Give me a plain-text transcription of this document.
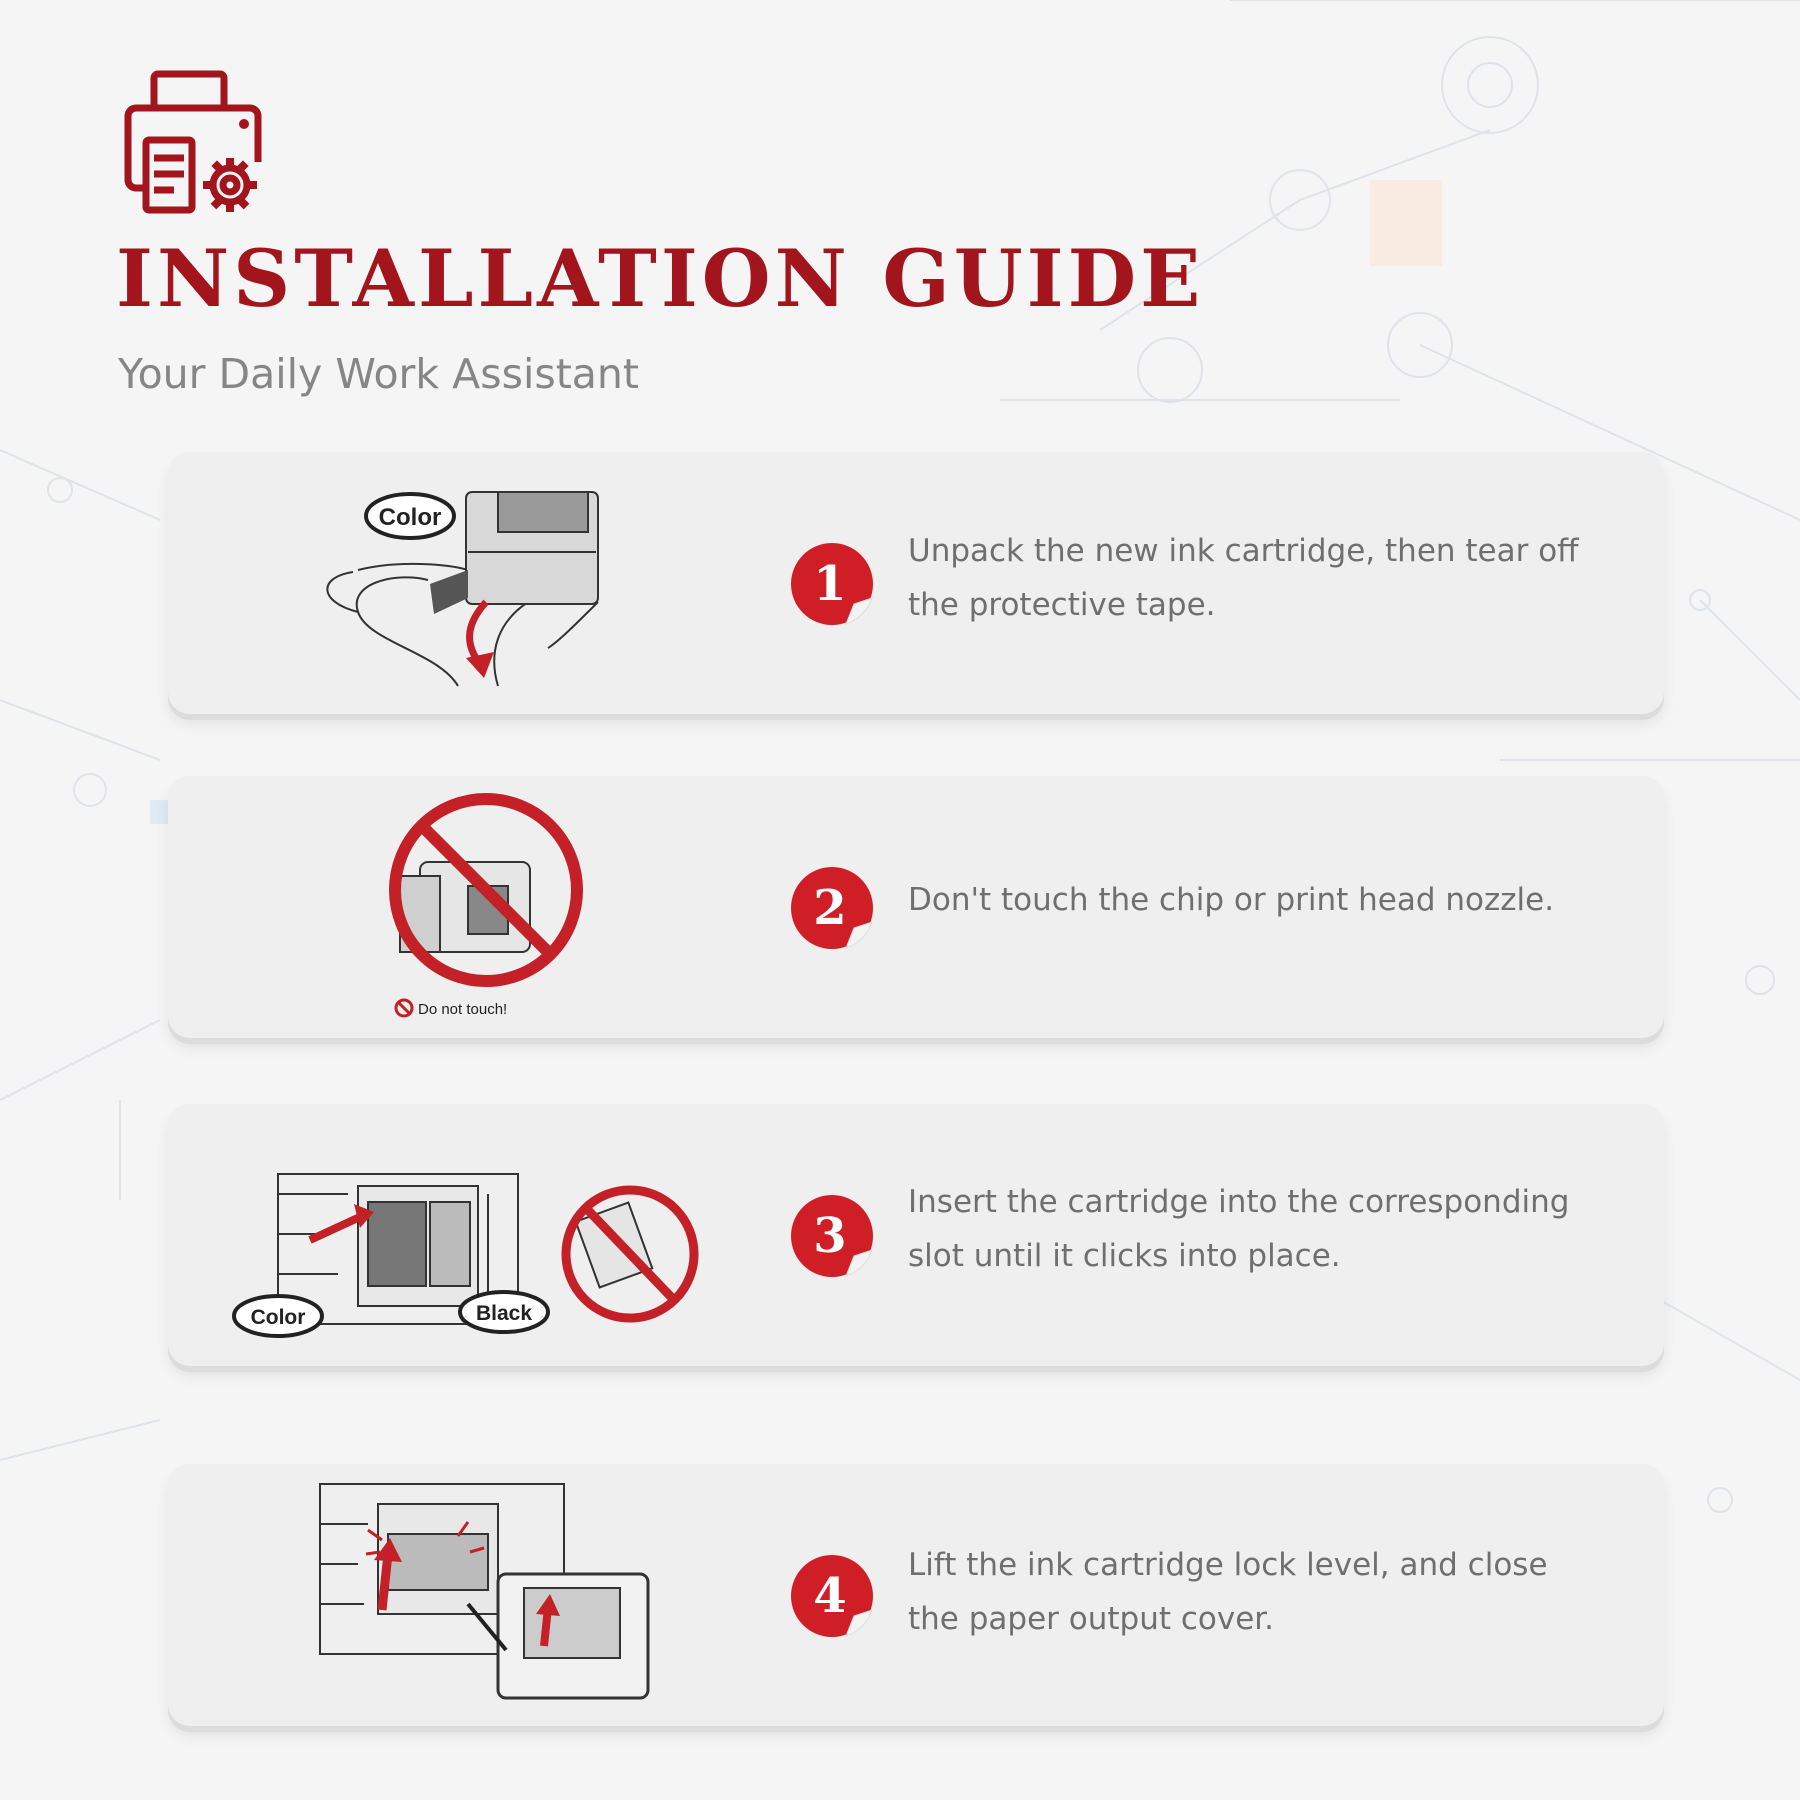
INSTALLATION GUIDE
Your Daily Work Assistant
Color
1
Unpack the new ink cartridge, then tear off the protective tape.
Do not touch!
2 Don't touch the chip or print head nozzle.
Color	Black
3
Insert the cartridge into the corresponding slot until it clicks into place.
4
Lift the ink cartridge lock level, and close the paper output cover.
